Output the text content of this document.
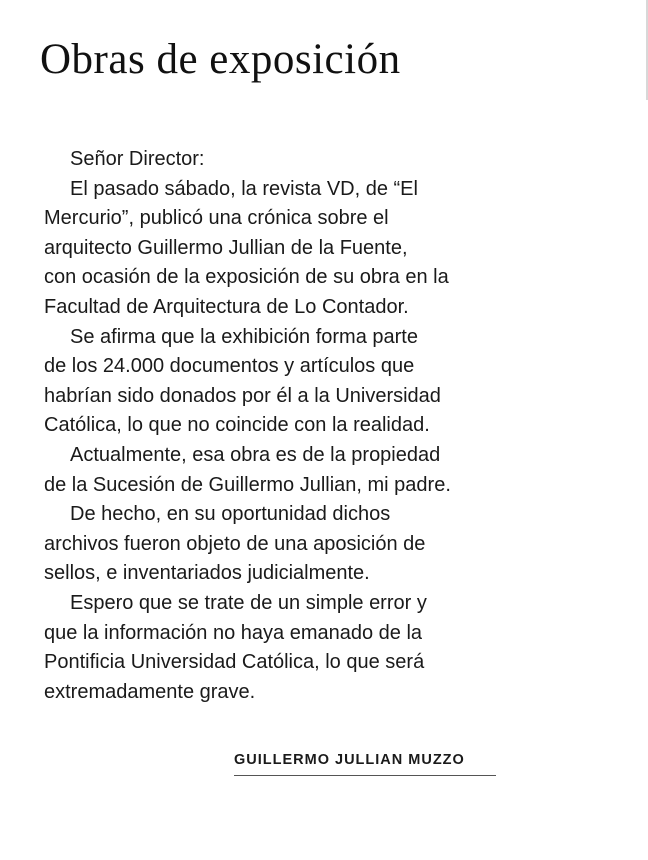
Obras de exposición
Señor Director:
El pasado sábado, la revista VD, de “El
Mercurio”, publicó una crónica sobre el
arquitecto Guillermo Jullian de la Fuente,
con ocasión de la exposición de su obra en la
Facultad de Arquitectura de Lo Contador.
Se afirma que la exhibición forma parte
de los 24.000 documentos y artículos que
habrían sido donados por él a la Universidad
Católica, lo que no coincide con la realidad.
Actualmente, esa obra es de la propiedad
de la Sucesión de Guillermo Jullian, mi padre.
De hecho, en su oportunidad dichos
archivos fueron objeto de una aposición de
sellos, e inventariados judicialmente.
Espero que se trate de un simple error y
que la información no haya emanado de la
Pontificia Universidad Católica, lo que será
extremadamente grave.
GUILLERMO JULLIAN MUZZO
